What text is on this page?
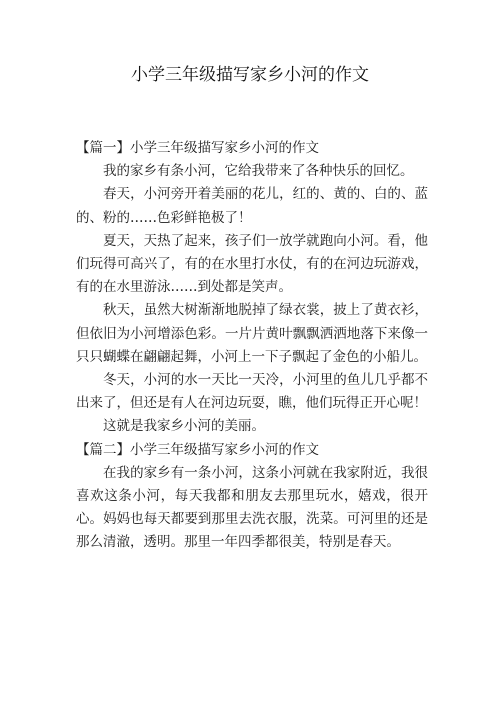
小学三年级描写家乡小河的作文

【篇一】小学三年级描写家乡小河的作文

我的家乡有条小河，它给我带来了各种快乐的回忆。

春天，小河旁开着美丽的花儿，红的、黄的、白的、蓝的、粉的……色彩鲜艳极了！

夏天，天热了起来，孩子们一放学就跑向小河。看，他们玩得可高兴了，有的在水里打水仗，有的在河边玩游戏，有的在水里游泳……到处都是笑声。

秋天，虽然大树渐渐地脱掉了绿衣裳，披上了黄衣衫，但依旧为小河增添色彩。一片片黄叶飘飘洒洒地落下来像一只只蝴蝶在翩翩起舞，小河上一下子飘起了金色的小船儿。

冬天，小河的水一天比一天冷，小河里的鱼儿几乎都不出来了，但还是有人在河边玩耍，瞧，他们玩得正开心呢！

这就是我家乡小河的美丽。

【篇二】小学三年级描写家乡小河的作文

在我的家乡有一条小河，这条小河就在我家附近，我很喜欢这条小河，每天我都和朋友去那里玩水，嬉戏，很开心。妈妈也每天都要到那里去洗衣服，洗菜。可河里的还是那么清澈，透明。那里一年四季都很美，特别是春天。
